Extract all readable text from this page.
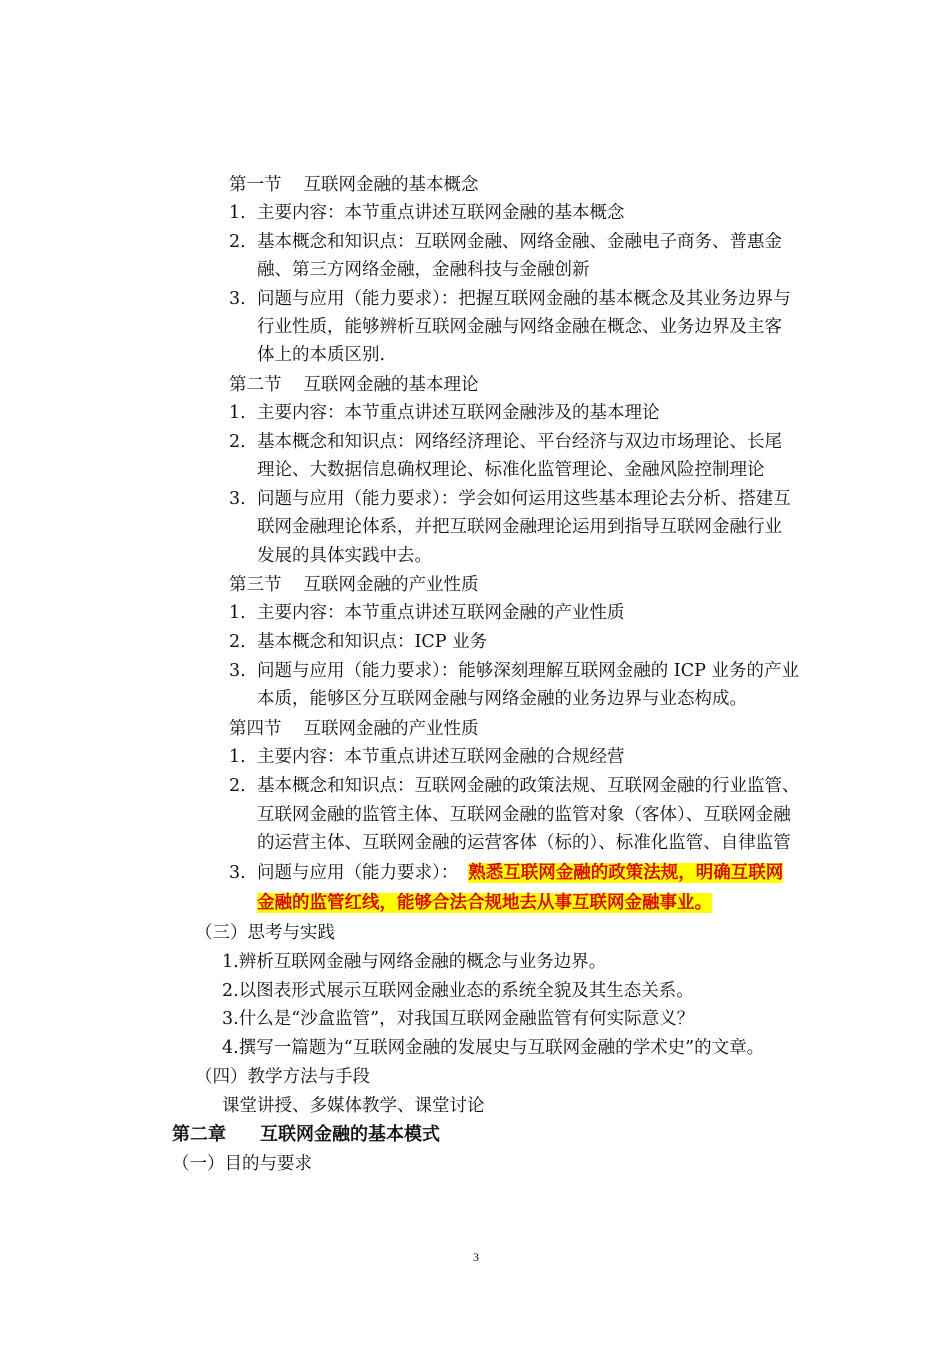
第一节 互联网金融的基本概念
1. 主要内容：本节重点讲述互联网金融的基本概念
2. 基本概念和知识点：互联网金融、网络金融、金融电子商务、普惠金
融、第三方网络金融，金融科技与金融创新
3. 问题与应用（能力要求）：把握互联网金融的基本概念及其业务边界与
行业性质，能够辨析互联网金融与网络金融在概念、业务边界及主客
体上的本质区别.
第二节 互联网金融的基本理论
1. 主要内容：本节重点讲述互联网金融涉及的基本理论
2. 基本概念和知识点：网络经济理论、平台经济与双边市场理论、长尾
理论、大数据信息确权理论、标准化监管理论、金融风险控制理论
3. 问题与应用（能力要求）：学会如何运用这些基本理论去分析、搭建互
联网金融理论体系，并把互联网金融理论运用到指导互联网金融行业
发展的具体实践中去。
第三节 互联网金融的产业性质
1. 主要内容：本节重点讲述互联网金融的产业性质
2. 基本概念和知识点：ICP 业务
3. 问题与应用（能力要求）：能够深刻理解互联网金融的 ICP 业务的产业
本质，能够区分互联网金融与网络金融的业务边界与业态构成。
第四节 互联网金融的产业性质
1. 主要内容：本节重点讲述互联网金融的合规经营
2. 基本概念和知识点：互联网金融的政策法规、互联网金融的行业监管、
互联网金融的监管主体、互联网金融的监管对象（客体）、互联网金融
的运营主体、互联网金融的运营客体（标的）、标准化监管、自律监管
3. 问题与应用（能力要求）： 熟悉互联网金融的政策法规，明确互联网
金融的监管红线，能够合法合规地去从事互联网金融事业。
（三）思考与实践
1.辨析互联网金融与网络金融的概念与业务边界。
2.以图表形式展示互联网金融业态的系统全貌及其生态关系。
3.什么是“沙盒监管”，对我国互联网金融监管有何实际意义？
4.撰写一篇题为“互联网金融的发展史与互联网金融的学术史”的文章。
（四）教学方法与手段
课堂讲授、多媒体教学、课堂讨论
第二章 互联网金融的基本模式
（一）目的与要求
3
